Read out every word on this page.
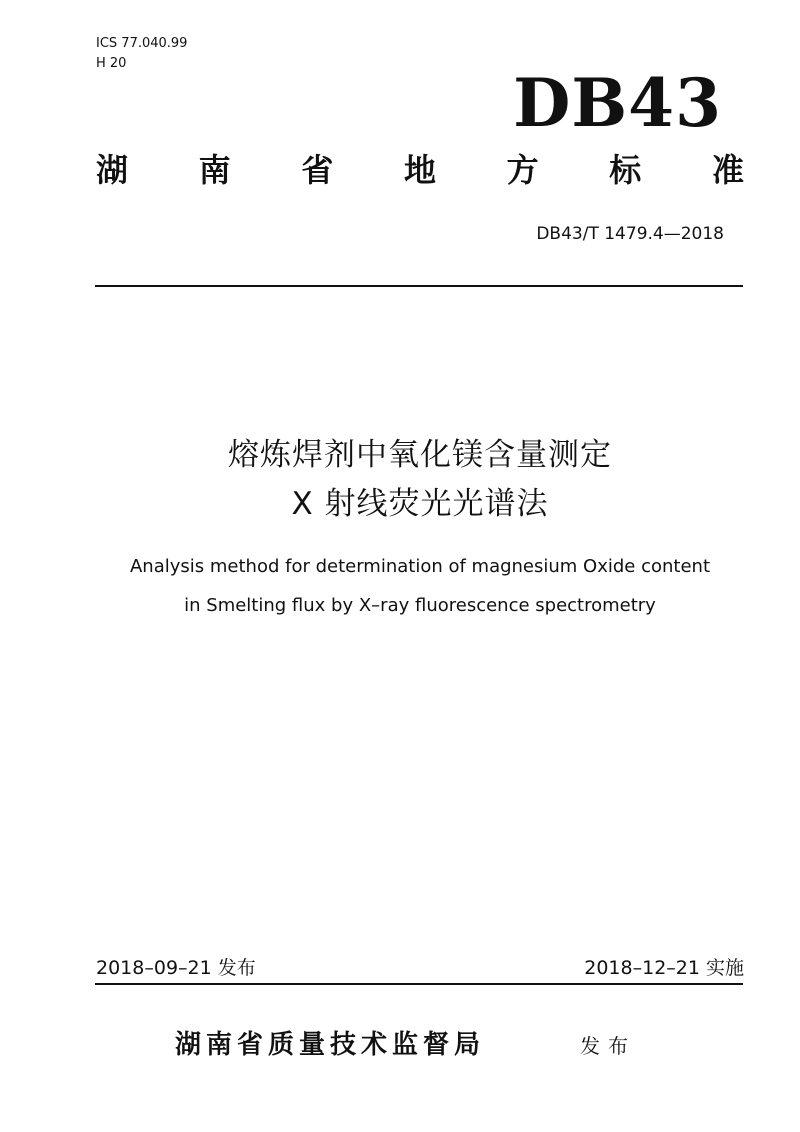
ICS 77.040.99
H 20
DB43
湖 南 省 地 方 标 准
DB43/T 1479.4—2018
熔炼焊剂中氧化镁含量测定
X 射线荧光光谱法
Analysis method for determination of magnesium Oxide content
in Smelting flux by X–ray fluorescence spectrometry
2018–09–21 发布	2018–12–21 实施
湖南省质量技术监督局	发布
